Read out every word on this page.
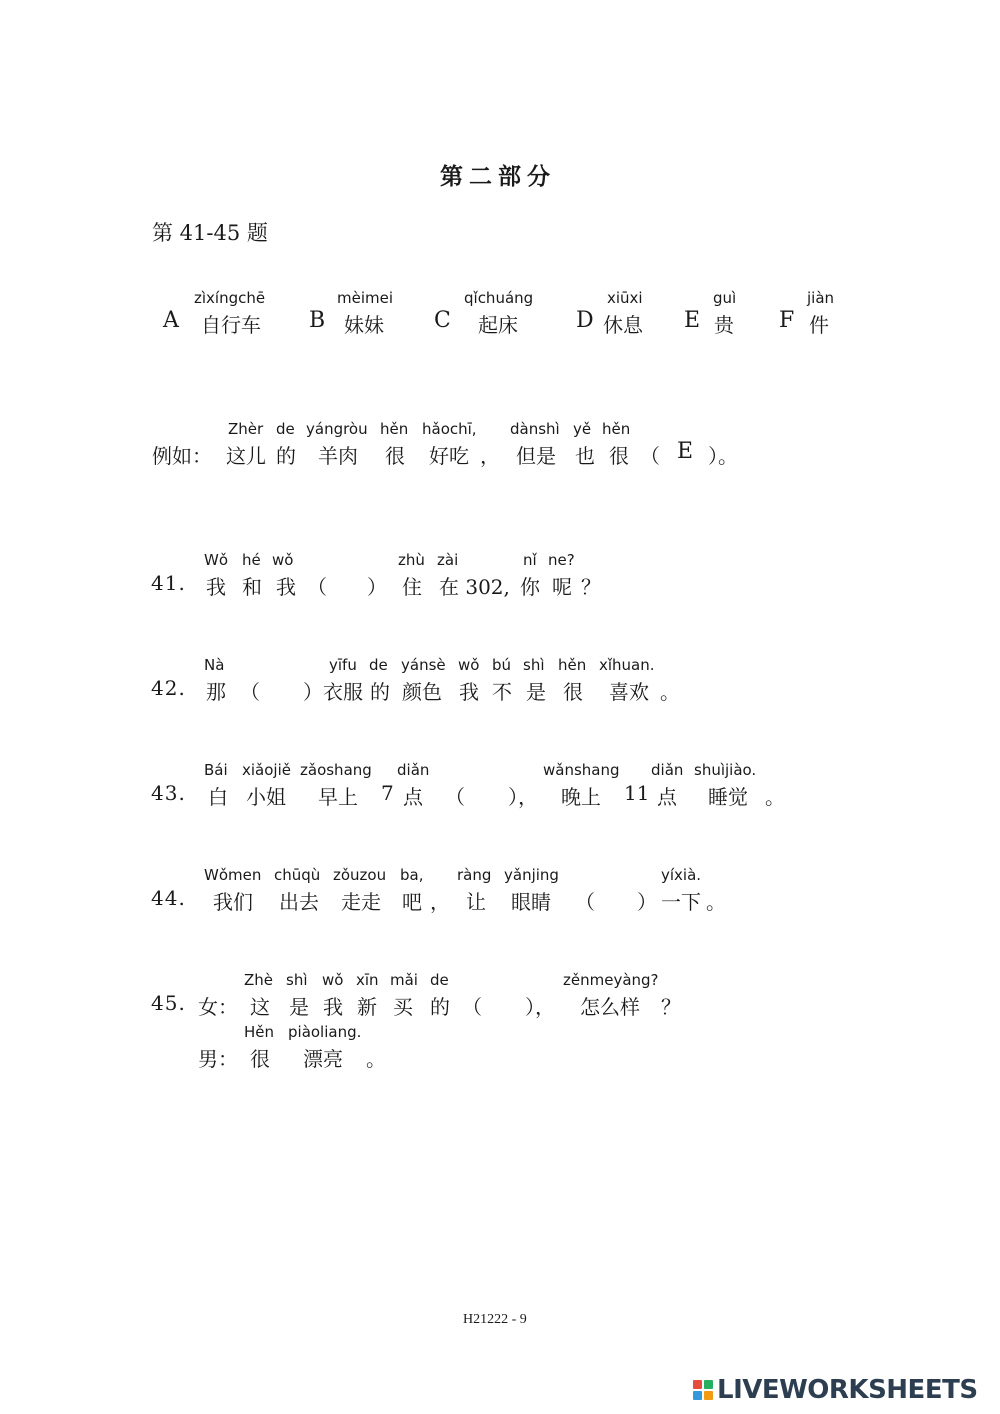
第二部分
第 41-45 题
zìxíngchē
A 自行车
mèimei
B 妹妹
qǐchuáng
C 起床
xiūxi
D 休息
guì
E 贵
jiàn
F 件
Zhèr de yángròu hěn hǎochī, dànshì yě hěn
例如： 这儿 的 羊肉 很 好吃 ， 但是 也 很 （ E ）。
Wǒ hé wǒ	zhù zài	nǐ ne?
41. 我 和 我 （ ） 住 在 302, 你 呢 ？
Nà	yīfu de yánsè wǒ bú shì hěn xǐhuan.
42. 那 （ ）衣服 的 颜色 我 不 是 很 喜欢 。
Bái xiǎojiě zǎoshang diǎn	wǎnshang diǎn shuìjiào.
43. 白 小姐 早上 7 点 （ ）， 晚上 11 点 睡觉 。
Wǒmen chūqù zǒuzou ba, ràng yǎnjing	yíxià.
44. 我们 出去 走走 吧 ， 让 眼睛 （ ） 一下 。
Zhè shì wǒ xīn mǎi de	zěnmeyàng?
45. 女： 这 是 我 新 买 的 （ ）， 怎么样 ？
Hěn piàoliang.
男： 很 漂亮 。
H21222 - 9
LIVEWORKSHEETS
